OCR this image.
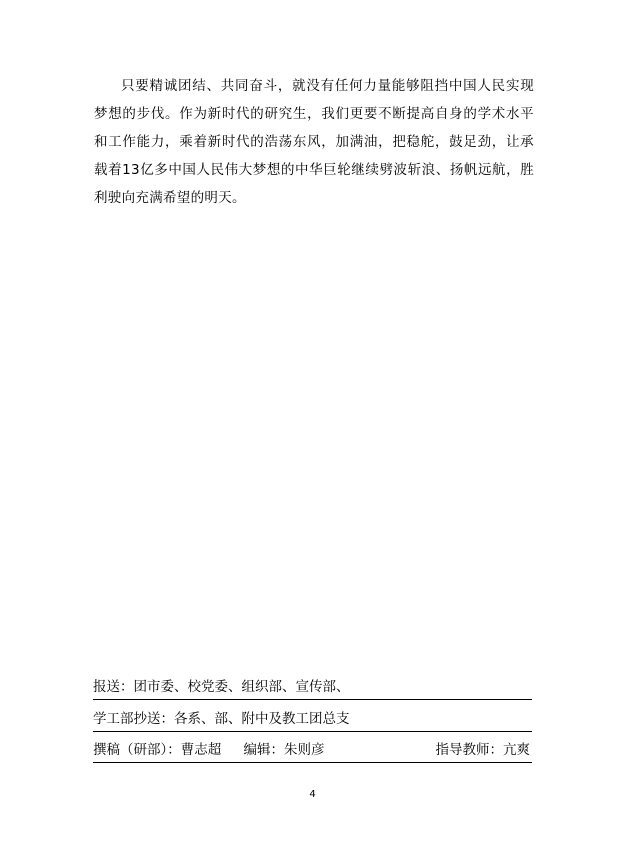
只要精诚团结、共同奋斗，就没有任何力量能够阻挡中国人民实现梦想的步伐。作为新时代的研究生，我们更要不断提高自身的学术水平和工作能力，乘着新时代的浩荡东风，加满油，把稳舵，鼓足劲，让承载着13亿多中国人民伟大梦想的中华巨轮继续劈波斩浪、扬帆远航，胜利驶向充满希望的明天。

报送：团市委、校党委、组织部、宣传部、
学工部抄送：各系、部、附中及教工团总支
撰稿（研部）：曹志超 编辑：朱则彦	指导教师：亢爽
4
